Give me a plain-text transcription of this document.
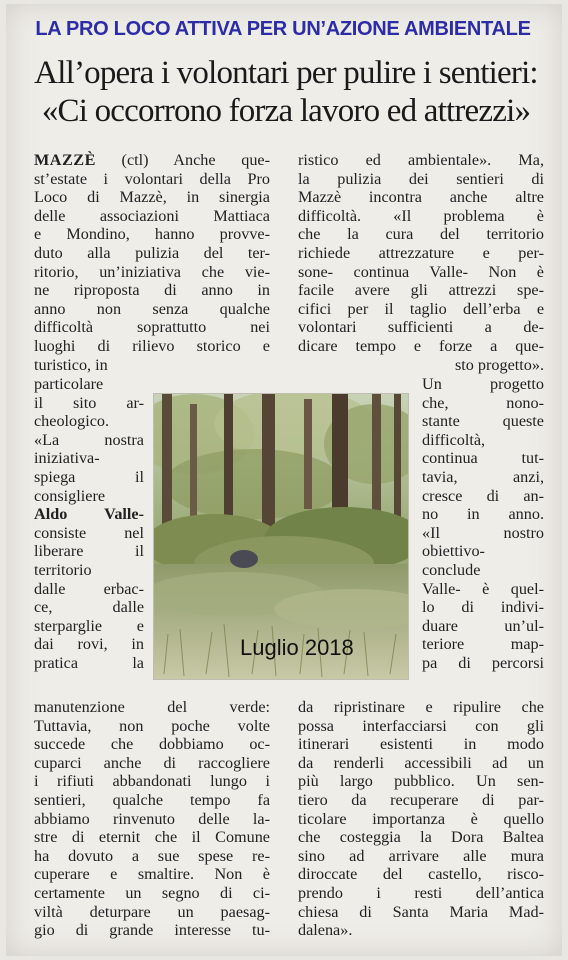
LA PRO LOCO ATTIVA PER UN’AZIONE AMBIENTALE
All’opera i volontari per pulire i sentieri:
«Ci occorrono forza lavoro ed attrezzi»
MAZZÈ (ctl) Anche que-
st’estate i volontari della Pro
Loco di Mazzè, in sinergia
delle associazioni Mattiaca
e Mondino, hanno provve-
duto alla pulizia del ter-
ritorio, un’iniziativa che vie-
ne riproposta di anno in
anno non senza qualche
difficoltà soprattutto nei
luoghi di rilievo storico e
turistico, in
particolare
il sito ar-
cheologico.
«La nostra
iniziativa-
spiega il
consigliere
Aldo Valle-
consiste nel
liberare il
territorio
dalle erbac-
ce, dalle
sterparglie e
dai rovi, in
pratica la
manutenzione del verde:
Tuttavia, non poche volte
succede che dobbiamo oc-
cuparci anche di raccogliere
i rifiuti abbandonati lungo i
sentieri, qualche tempo fa
abbiamo rinvenuto delle la-
stre di eternit che il Comune
ha dovuto a sue spese re-
cuperare e smaltire. Non è
certamente un segno di ci-
viltà deturpare un paesag-
gio di grande interesse tu-
ristico ed ambientale». Ma,
la pulizia dei sentieri di
Mazzè incontra anche altre
difficoltà. «Il problema è
che la cura del territorio
richiede attrezzature e per-
sone- continua Valle- Non è
facile avere gli attrezzi spe-
cifici per il taglio dell’erba e
volontari sufficienti a de-
dicare tempo e forze a que-
sto progetto».
Un progetto
che, nono-
stante queste
difficoltà,
continua tut-
tavia, anzi,
cresce di an-
no in anno.
«Il nostro
obiettivo-
conclude
Valle- è quel-
lo di indivi-
duare un’ul-
teriore map-
pa di percorsi
da ripristinare e ripulire che
possa interfacciarsi con gli
itinerari esistenti in modo
da renderli accessibili ad un
più largo pubblico. Un sen-
tiero da recuperare di par-
ticolare importanza è quello
che costeggia la Dora Baltea
sino ad arrivare alle mura
diroccate del castello, risco-
prendo i resti dell’antica
chiesa di Santa Maria Mad-
dalena».
Luglio 2018
